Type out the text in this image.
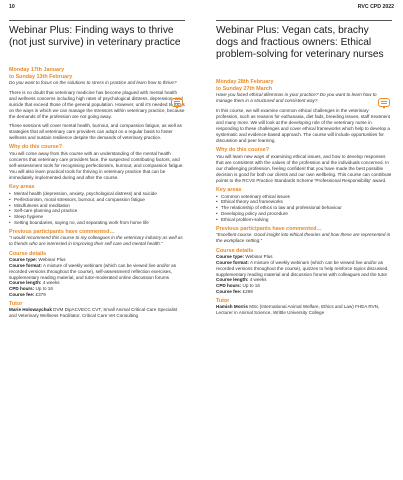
10	RVC CPD 2022
Webinar Plus: Finding ways to thrive (not just survive) in veterinary practice
Monday 17th January
to Sunday 13th February

Do you want to focus on the solutions to stress in practice and learn how to thrive?

There is no doubt that veterinary medicine has become plagued with mental health and wellness concerns including high rates of psychological distress, depression, and suicide that exceed those of the general population. However, until it's needed to focus on the ways in which we can manage the stressors within veterinary practice, because the demands of the profession are not going away.

These sessions will cover mental health, burnout, and compassion fatigue, as well as strategies that all veterinary care providers can adopt on a regular basis to foster wellness and sustain resilience despite the demands of veterinary practice.

Why do this course?

You will come away from this course with an understanding of the mental health concerns that veterinary care providers face, the suspected contributing factors, and self-assessment tools for recognising perfectionism, burnout, and compassion fatigue. You will also learn practical tools for thriving in veterinary practice that can be immediately implemented during and after the course.

Key areas
• Mental health (depression, anxiety, psychological distress) and suicide
• Perfectionism, moral stressors, burnout, and compassion fatigue
• Mindfulness and meditation
• Self-care planning and practice
• Sleep hygiene
• Setting boundaries, saying no, and separating work from home life
Previous participants have commented…

"I would recommend this course to my colleagues in the veterinary industry as well as to friends who are interested in improving their self care and mental health."

Course details
Course type: Webinar Plus
Course format: A mixture of weekly webinars (which can be viewed live and/or as recorded versions throughout the course), self-assessment/ reflection exercises, supplementary reading material, and tutor-moderated online discussion forums
Course length: 4 weeks
CPD hours: Up to 16
Course fee: £379
Tutor
Marie Holowaychuk DVM DipACVECC CVT, Small Animal Critical Care Specialist and Veterinary Wellness Facilitator, Critical Care Vet Consulting
Webinar Plus: Vegan cats, brachy dogs and fractious owners: Ethical problem-solving for veterinary nurses
Monday 28th February
to Sunday 27th March

Have you faced ethical dilemmas in your practice? Do you want to learn how to manage them in a structured and consistent way?

In this course, we will examine common ethical challenges in the veterinary profession, such as reasons for euthanasia, diet fads, breeding issues, staff treatment and many more. We will look at the developing role of the veterinary nurse in responding to these challenges and cover ethical frameworks which help to develop a systematic and evidence-based approach. The course will include opportunities for discussion and peer learning.

Why do this course?

You will learn new ways of examining ethical issues, and how to develop responses that are consistent with the values of the profession and the individuals concerned. In our challenging profession, feeling confident that you have made the best possible decision is good for both our clients and our own wellbeing. This course can contribute points to the RCVS Practice Standards Scheme 'Professional Responsibility' award.

Key areas
• Common veterinary ethical issues
• Ethical theory and frameworks
• The relationship of ethics to law and professional behaviour
• Developing policy and procedure
• Ethical problem-solving
Previous participants have commented…

"Excellent course. Good insight into ethical theories and how these are represented in the workplace setting."

Course details
Course type: Webinar Plus
Course format: A mixture of weekly webinars (which can be viewed live and/or as recorded versions throughout the course), quizzes to help reinforce topics discussed, supplementary reading material and discussion forums with colleagues and the tutor
Course length: 4 weeks
CPD hours: Up to 16
Course fee: £299
Tutor
Hamish Morris MSc (International Animal Welfare, Ethics and Law) FHEA RVN, Lecturer in Animal Science, Writtle University College
